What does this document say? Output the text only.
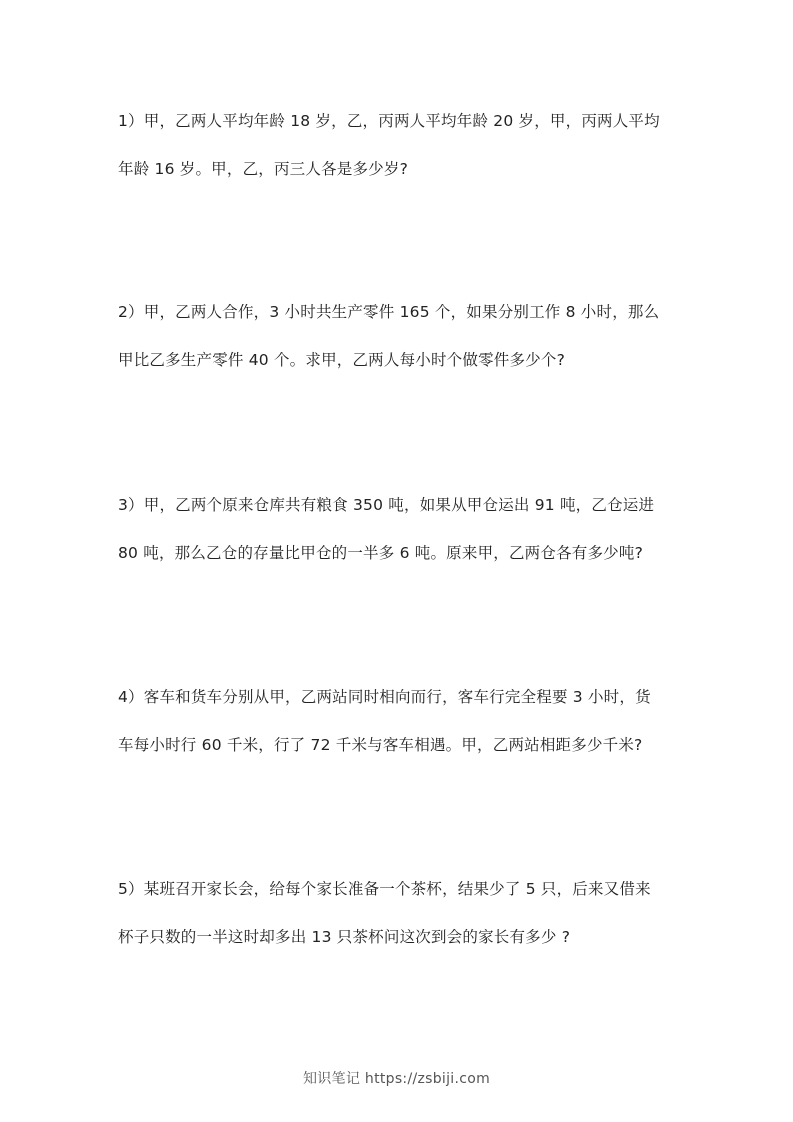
1）甲，乙两人平均年龄 18 岁，乙，丙两人平均年龄 20 岁，甲，丙两人平均
年龄 16 岁。甲，乙，丙三人各是多少岁?
2）甲，乙两人合作，3 小时共生产零件 165 个，如果分别工作 8 小时，那么
甲比乙多生产零件 40 个。求甲，乙两人每小时个做零件多少个?
3）甲，乙两个原来仓库共有粮食 350 吨，如果从甲仓运出 91 吨，乙仓运进
80 吨，那么乙仓的存量比甲仓的一半多 6 吨。原来甲，乙两仓各有多少吨?
4）客车和货车分别从甲，乙两站同时相向而行，客车行完全程要 3 小时，货
车每小时行 60 千米，行了 72 千米与客车相遇。甲，乙两站相距多少千米?
5）某班召开家长会，给每个家长准备一个茶杯，结果少了 5 只，后来又借来
杯子只数的一半这时却多出 13 只茶杯问这次到会的家长有多少 ?
知识笔记 https://zsbiji.com
